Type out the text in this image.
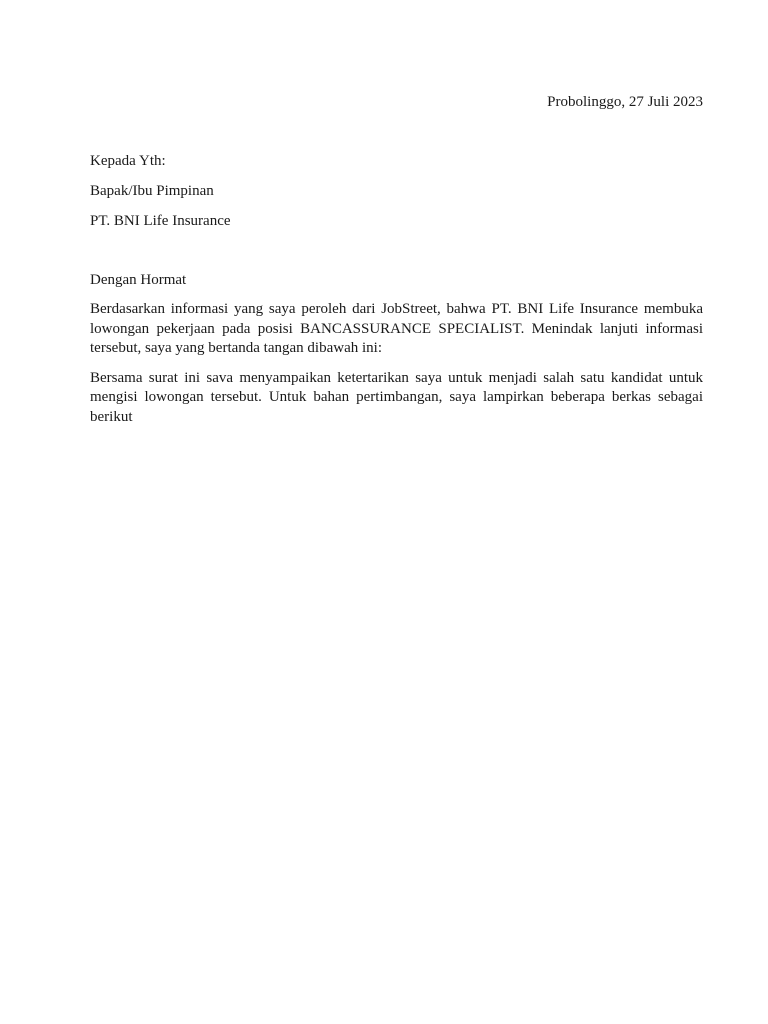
Probolinggo, 27 Juli 2023
Kepada Yth:
Bapak/Ibu Pimpinan
PT. BNI Life Insurance
Dengan Hormat

Berdasarkan informasi yang saya peroleh dari JobStreet, bahwa PT. BNI Life Insurance membuka lowongan pekerjaan pada posisi BANCASSURANCE SPECIALIST. Menindak lanjuti informasi tersebut, saya yang bertanda tangan dibawah ini:

Bersama surat ini sava menyampaikan ketertarikan saya untuk menjadi salah satu kandidat untuk mengisi lowongan tersebut. Untuk bahan pertimbangan, saya lampirkan beberapa berkas sebagai berikut
